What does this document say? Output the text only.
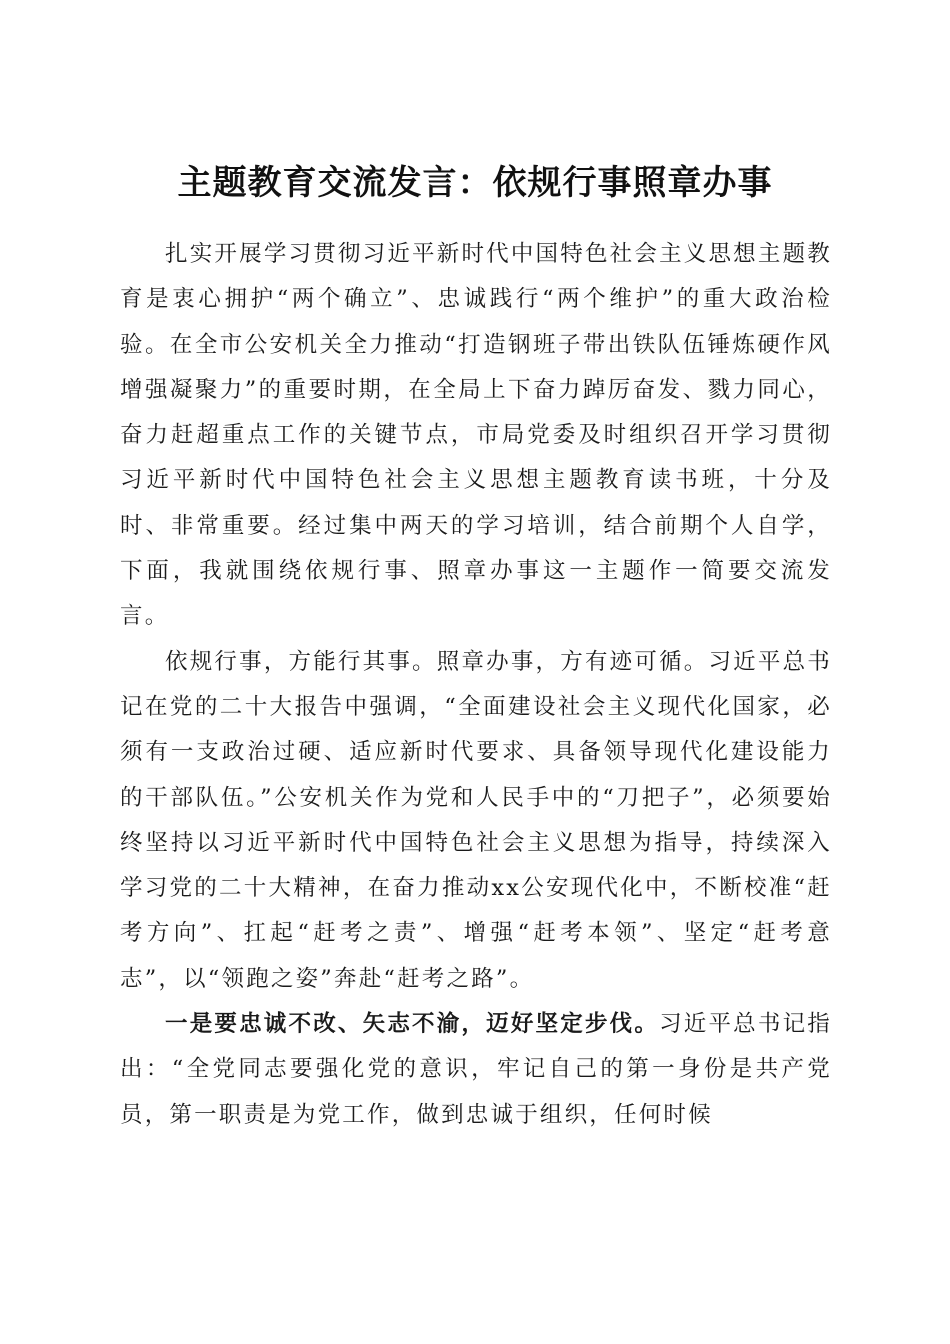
主题教育交流发言：依规行事照章办事

扎实开展学习贯彻习近平新时代中国特色社会主义思想主题教育是衷心拥护“两个确立”、忠诚践行“两个维护”的重大政治检验。在全市公安机关全力推动“打造钢班子带出铁队伍锤炼硬作风增强凝聚力”的重要时期，在全局上下奋力踔厉奋发、戮力同心，奋力赶超重点工作的关键节点，市局党委及时组织召开学习贯彻习近平新时代中国特色社会主义思想主题教育读书班，十分及时、非常重要。经过集中两天的学习培训，结合前期个人自学，下面，我就围绕依规行事、照章办事这一主题作一简要交流发言。

依规行事，方能行其事。照章办事，方有迹可循。习近平总书记在党的二十大报告中强调，“全面建设社会主义现代化国家，必须有一支政治过硬、适应新时代要求、具备领导现代化建设能力的干部队伍。”公安机关作为党和人民手中的“刀把子”，必须要始终坚持以习近平新时代中国特色社会主义思想为指导，持续深入学习党的二十大精神，在奋力推动xx公安现代化中，不断校准“赶考方向”、扛起“赶考之责”、增强“赶考本领”、坚定“赶考意志”，以“领跑之姿”奔赴“赶考之路”。

一是要忠诚不改、矢志不渝，迈好坚定步伐。习近平总书记指出：“全党同志要强化党的意识，牢记自己的第一身份是共产党员，第一职责是为党工作，做到忠诚于组织，任何时候
